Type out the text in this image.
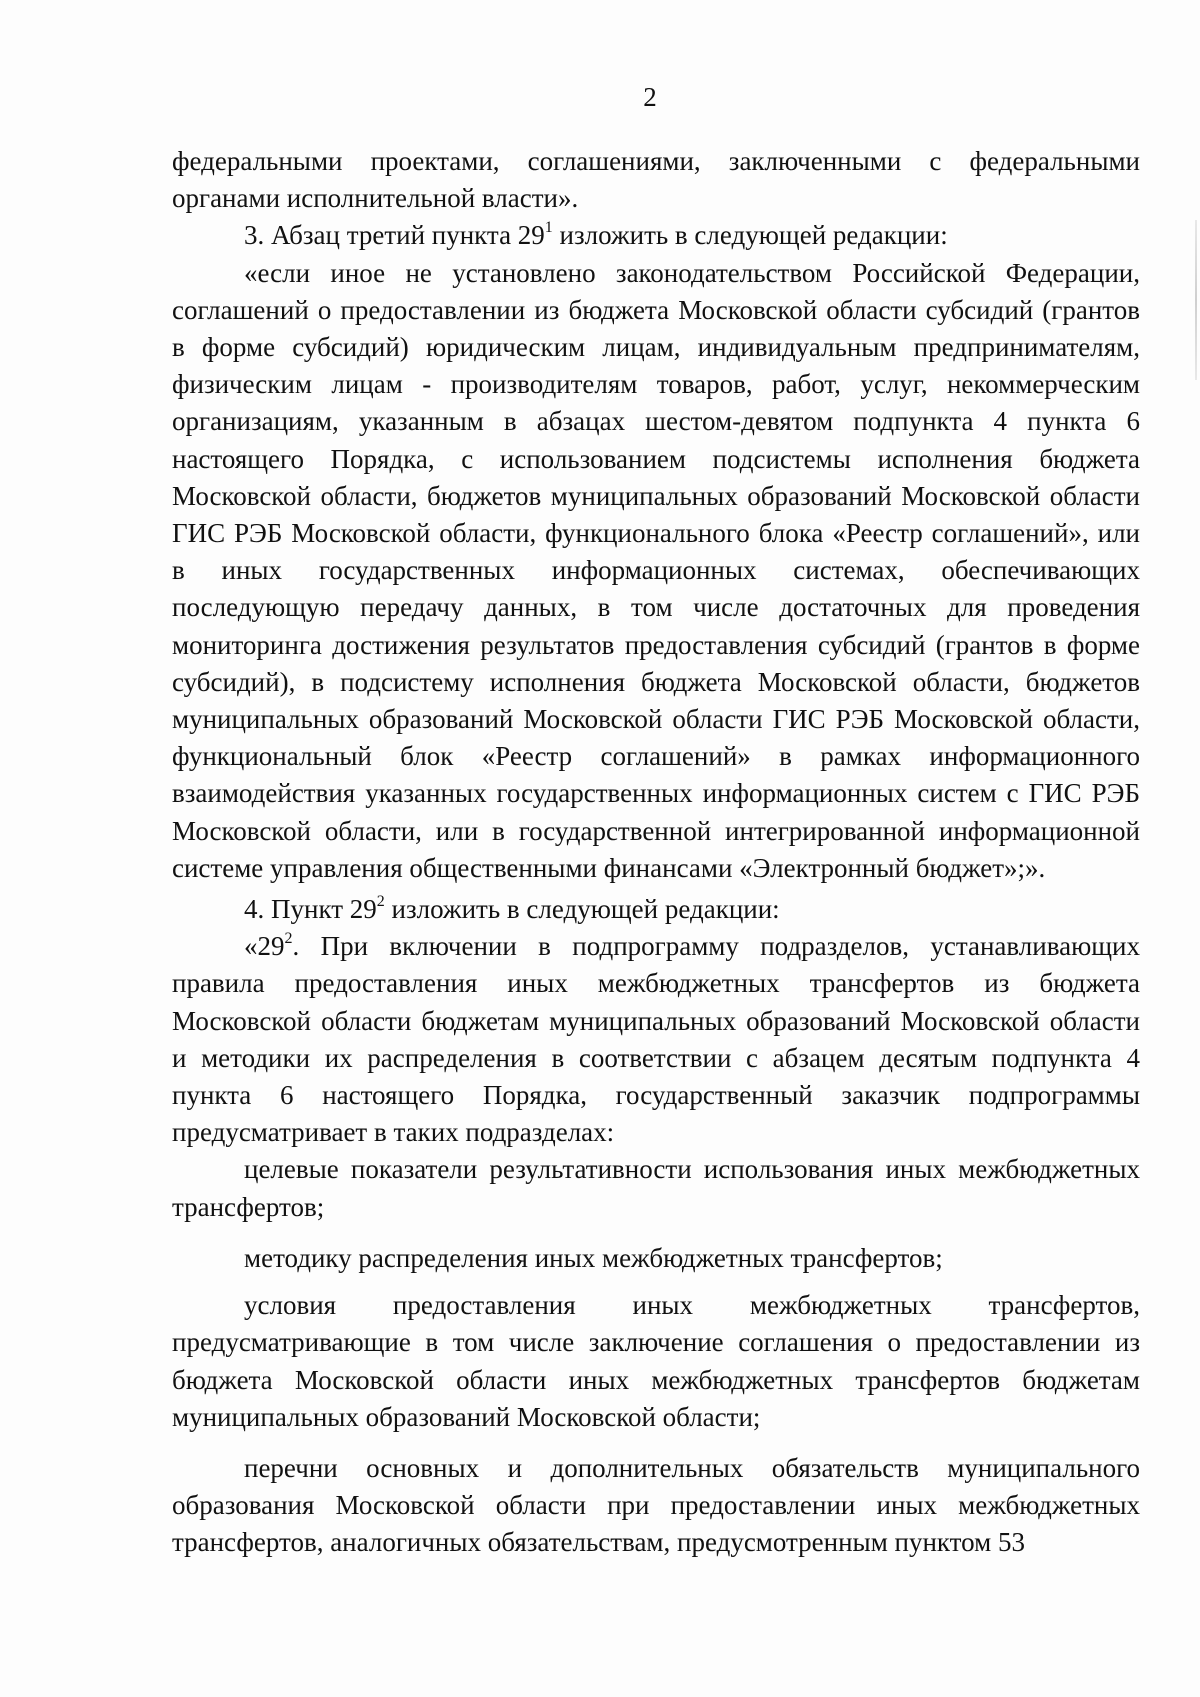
2

федеральными проектами, соглашениями, заключенными с федеральными органами исполнительной власти».

3. Абзац третий пункта $29^1$ изложить в следующей редакции:

«если иное не установлено законодательством Российской Федерации, соглашений о предоставлении из бюджета Московской области субсидий (грантов в форме субсидий) юридическим лицам, индивидуальным предпринимателям, физическим лицам - производителям товаров, работ, услуг, некоммерческим организациям, указанным в абзацах шестом-девятом подпункта 4 пункта 6 настоящего Порядка, с использованием подсистемы исполнения бюджета Московской области, бюджетов муниципальных образований Московской области ГИС РЭБ Московской области, функционального блока «Реестр соглашений», или в иных государственных информационных системах, обеспечивающих последующую передачу данных, в том числе достаточных для проведения мониторинга достижения результатов предоставления субсидий (грантов в форме субсидий), в подсистему исполнения бюджета Московской области, бюджетов муниципальных образований Московской области ГИС РЭБ Московской области, функциональный блок «Реестр соглашений» в рамках информационного взаимодействия указанных государственных информационных систем с ГИС РЭБ Московской области, или в государственной интегрированной информационной системе управления общественными финансами «Электронный бюджет»;».

4. Пункт $29^2$ изложить в следующей редакции:

«$29^2$. При включении в подпрограмму подразделов, устанавливающих правила предоставления иных межбюджетных трансфертов из бюджета Московской области бюджетам муниципальных образований Московской области и методики их распределения в соответствии с абзацем десятым подпункта 4 пункта 6 настоящего Порядка, государственный заказчик подпрограммы предусматривает в таких подразделах:

целевые показатели результативности использования иных межбюджетных трансфертов;

методику распределения иных межбюджетных трансфертов;

условия предоставления иных межбюджетных трансфертов, предусматривающие в том числе заключение соглашения о предоставлении из бюджета Московской области иных межбюджетных трансфертов бюджетам муниципальных образований Московской области;

перечни основных и дополнительных обязательств муниципального образования Московской области при предоставлении иных межбюджетных трансфертов, аналогичных обязательствам, предусмотренным пунктом 53
